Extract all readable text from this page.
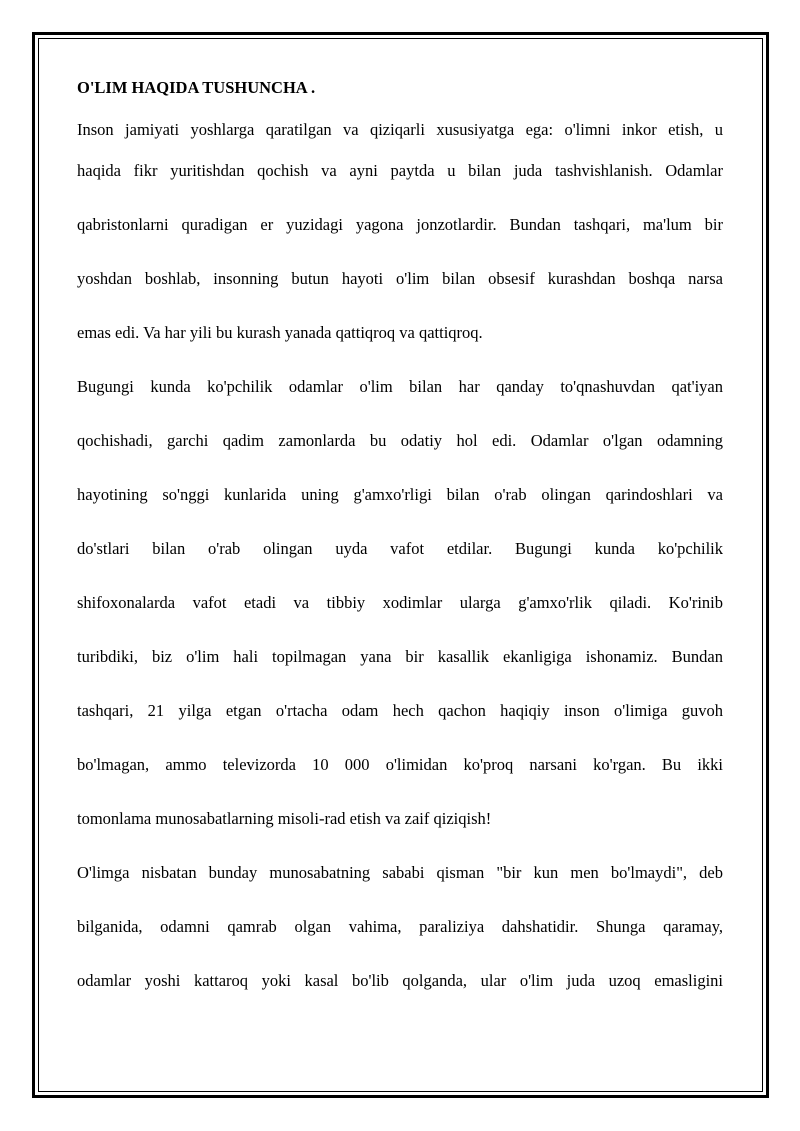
O'LIM HAQIDA TUSHUNCHA .
Inson jamiyati yoshlarga qaratilgan va qiziqarli xususiyatga ega: o'limni inkor etish, u
haqida fikr yuritishdan qochish va ayni paytda u bilan juda tashvishlanish. Odamlar
qabristonlarni quradigan er yuzidagi yagona jonzotlardir. Bundan tashqari, ma'lum bir
yoshdan boshlab, insonning butun hayoti o'lim bilan obsesif kurashdan boshqa narsa
emas edi. Va har yili bu kurash yanada qattiqroq va qattiqroq.
Bugungi kunda ko'pchilik odamlar o'lim bilan har qanday to'qnashuvdan qat'iyan
qochishadi, garchi qadim zamonlarda bu odatiy hol edi. Odamlar o'lgan odamning
hayotining so'nggi kunlarida uning g'amxo'rligi bilan o'rab olingan qarindoshlari va
do'stlari bilan o'rab olingan uyda vafot etdilar. Bugungi kunda ko'pchilik
shifoxonalarda vafot etadi va tibbiy xodimlar ularga g'amxo'rlik qiladi. Ko'rinib
turibdiki, biz o'lim hali topilmagan yana bir kasallik ekanligiga ishonamiz. Bundan
tashqari, 21 yilga etgan o'rtacha odam hech qachon haqiqiy inson o'limiga guvoh
bo'lmagan, ammo televizorda 10 000 o'limidan ko'proq narsani ko'rgan. Bu ikki
tomonlama munosabatlarning misoli-rad etish va zaif qiziqish!
O'limga nisbatan bunday munosabatning sababi qisman "bir kun men bo'lmaydi", deb
bilganida, odamni qamrab olgan vahima, paraliziya dahshatidir. Shunga qaramay,
odamlar yoshi kattaroq yoki kasal bo'lib qolganda, ular o'lim juda uzoq emasligini
